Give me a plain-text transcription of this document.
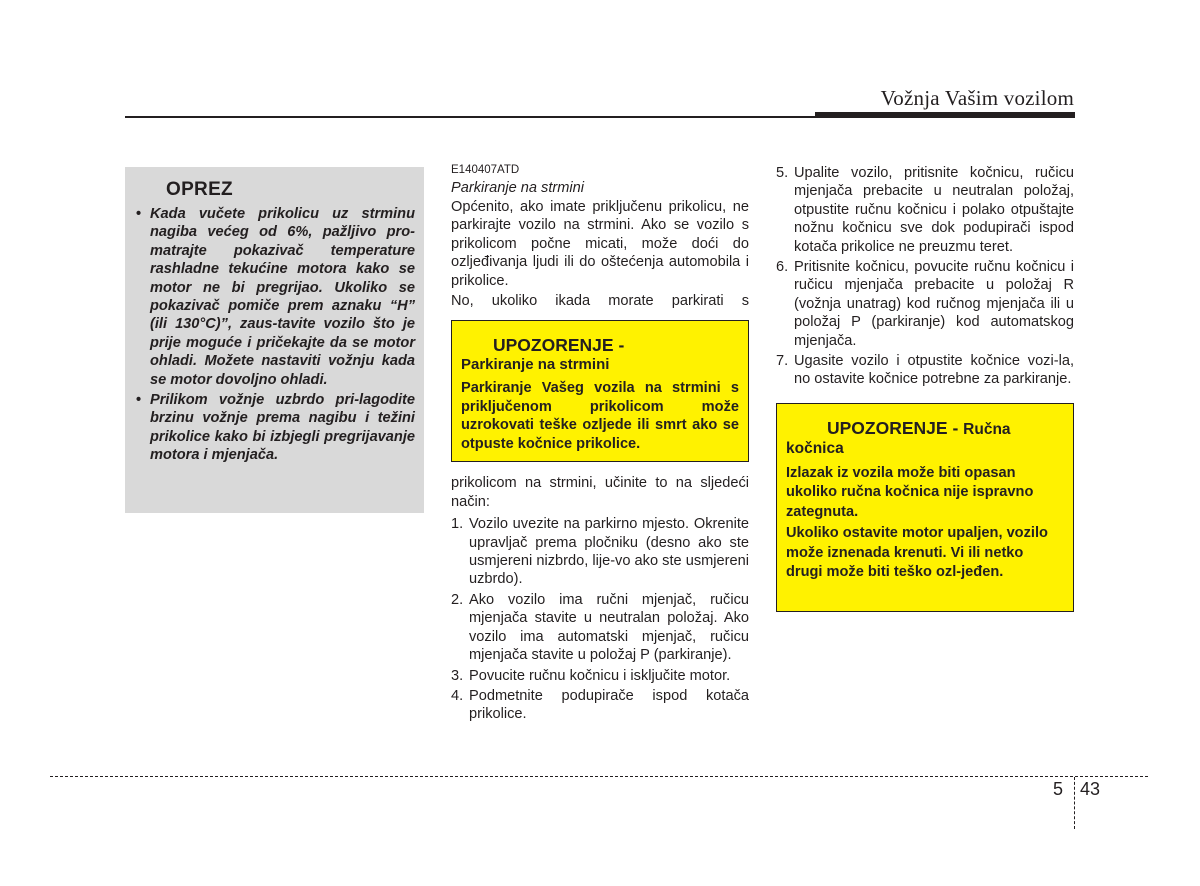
Vožnja Vašim vozilom
OPREZ
• Kada vučete prikolicu uz strminu nagiba većeg od 6%, pažljivo pro-matrajte pokazivač temperature rashladne tekućine motora kako se motor ne bi pregrijao. Ukoliko se pokazivač pomiče prem aznaku “H” (ili 130°C)”, zaus-tavite vozilo što je prije moguće i pričekajte da se motor ohladi. Možete nastaviti vožnju kada se motor dovoljno ohladi.
• Prilikom vožnje uzbrdo pri-lagodite brzinu vožnje prema nagibu i težini prikolice kako bi izbjegli pregrijavanje motora i mjenjača.
E140407ATD
Parkiranje na strmini

Općenito, ako imate priključenu prikolicu, ne parkirajte vozilo na strmini. Ako se vozilo s prikolicom počne micati, može doći do ozljeđivanja ljudi ili do oštećenja automobila i prikolice.

No, ukoliko ikada morate parkirati s

UPOZORENJE -
Parkiranje na strmini

Parkiranje Vašeg vozila na strmini s priključenom prikolicom može uzrokovati teške ozljede ili smrt ako se otpuste kočnice prikolice.

prikolicom na strmini, učinite to na sljedeći način:

1. Vozilo uvezite na parkirno mjesto. Okrenite upravljač prema pločniku (desno ako ste usmjereni nizbrdo, lije-vo ako ste usmjereni uzbrdo).
2. Ako vozilo ima ručni mjenjač, ručicu mjenjača stavite u neutralan položaj. Ako vozilo ima automatski mjenjač, ručicu mjenjača stavite u položaj P (parkiranje).
3. Povucite ručnu kočnicu i isključite motor.
4. Podmetnite podupirače ispod kotača prikolice.
5. Upalite vozilo, pritisnite kočnicu, ručicu mjenjača prebacite u neutralan položaj, otpustite ručnu kočnicu i polako otpuštajte nožnu kočnicu sve dok podupirači ispod kotača prikolice ne preuzmu teret.
6. Pritisnite kočnicu, povucite ručnu kočnicu i ručicu mjenjača prebacite u položaj R (vožnja unatrag) kod ručnog mjenjača ili u položaj P (parkiranje) kod automatskog mjenjača.
7. Ugasite vozilo i otpustite kočnice vozi-la, no ostavite kočnice potrebne za parkiranje.
UPOZORENJE - Ručna
kočnica

Izlazak iz vozila može biti opasan ukoliko ručna kočnica nije ispravno zategnuta.

Ukoliko ostavite motor upaljen, vozilo može iznenada krenuti. Vi ili netko drugi može biti teško ozl-jeđen.

5 43
